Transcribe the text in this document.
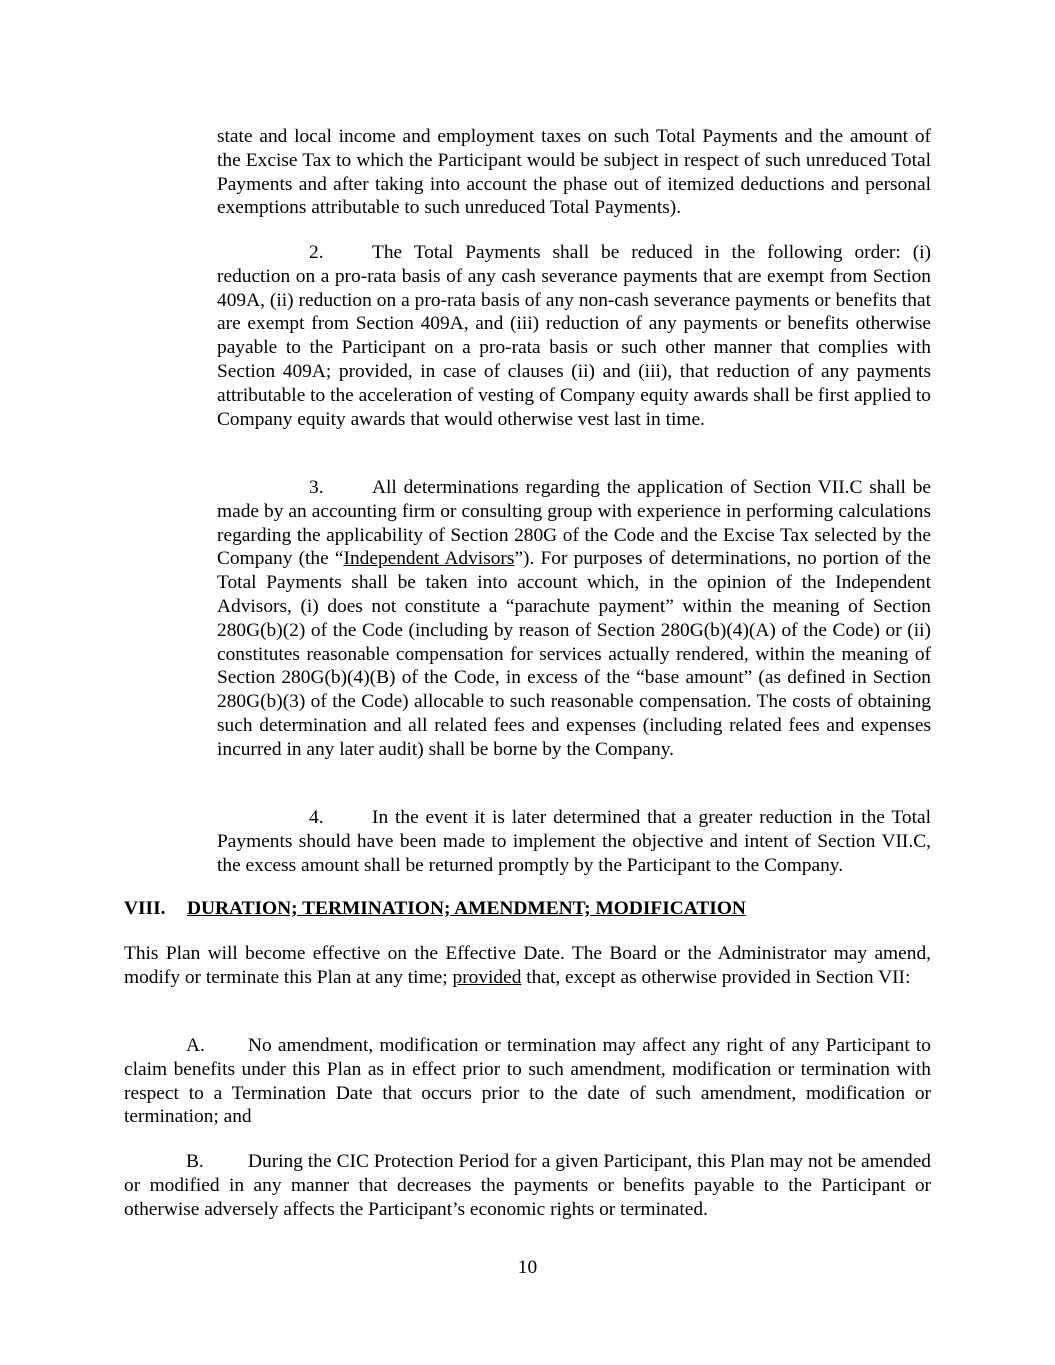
state and local income and employment taxes on such Total Payments and the amount of the Excise Tax to which the Participant would be subject in respect of such unreduced Total Payments and after taking into account the phase out of itemized deductions and personal exemptions attributable to such unreduced Total Payments).

2. The Total Payments shall be reduced in the following order: (i) reduction on a pro-rata basis of any cash severance payments that are exempt from Section 409A, (ii) reduction on a pro-rata basis of any non-cash severance payments or benefits that are exempt from Section 409A, and (iii) reduction of any payments or benefits otherwise payable to the Participant on a pro-rata basis or such other manner that complies with Section 409A; provided, in case of clauses (ii) and (iii), that reduction of any payments attributable to the acceleration of vesting of Company equity awards shall be first applied to Company equity awards that would otherwise vest last in time.

3. All determinations regarding the application of Section VII.C shall be made by an accounting firm or consulting group with experience in performing calculations regarding the applicability of Section 280G of the Code and the Excise Tax selected by the Company (the “Independent Advisors”). For purposes of determinations, no portion of the Total Payments shall be taken into account which, in the opinion of the Independent Advisors, (i) does not constitute a “parachute payment” within the meaning of Section 280G(b)(2) of the Code (including by reason of Section 280G(b)(4)(A) of the Code) or (ii) constitutes reasonable compensation for services actually rendered, within the meaning of Section 280G(b)(4)(B) of the Code, in excess of the “base amount” (as defined in Section 280G(b)(3) of the Code) allocable to such reasonable compensation. The costs of obtaining such determination and all related fees and expenses (including related fees and expenses incurred in any later audit) shall be borne by the Company.

4. In the event it is later determined that a greater reduction in the Total Payments should have been made to implement the objective and intent of Section VII.C, the excess amount shall be returned promptly by the Participant to the Company.

VIII. DURATION; TERMINATION; AMENDMENT; MODIFICATION

This Plan will become effective on the Effective Date. The Board or the Administrator may amend, modify or terminate this Plan at any time; provided that, except as otherwise provided in Section VII:

A. No amendment, modification or termination may affect any right of any Participant to claim benefits under this Plan as in effect prior to such amendment, modification or termination with respect to a Termination Date that occurs prior to the date of such amendment, modification or termination; and

B. During the CIC Protection Period for a given Participant, this Plan may not be amended or modified in any manner that decreases the payments or benefits payable to the Participant or otherwise adversely affects the Participant’s economic rights or terminated.

10
